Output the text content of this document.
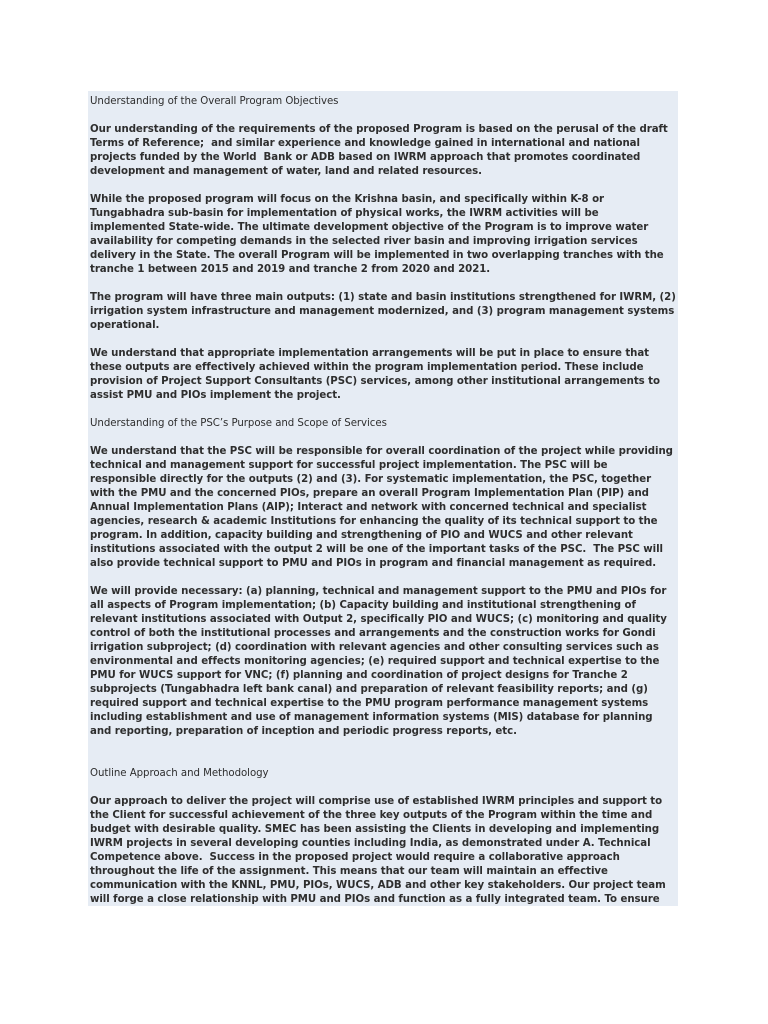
Understanding of the Overall Program Objectives

Our understanding of the requirements of the proposed Program is based on the perusal of the draft Terms of Reference;  and similar experience and knowledge gained in international and national projects funded by the World  Bank or ADB based on IWRM approach that promotes coordinated development and management of water, land and related resources.

While the proposed program will focus on the Krishna basin, and specifically within K-8 or Tungabhadra sub-basin for implementation of physical works, the IWRM activities will be implemented State-wide. The ultimate development objective of the Program is to improve water availability for competing demands in the selected river basin and improving irrigation services delivery in the State. The overall Program will be implemented in two overlapping tranches with the tranche 1 between 2015 and 2019 and tranche 2 from 2020 and 2021.

The program will have three main outputs: (1) state and basin institutions strengthened for IWRM, (2) irrigation system infrastructure and management modernized, and (3) program management systems operational.

We understand that appropriate implementation arrangements will be put in place to ensure that these outputs are effectively achieved within the program implementation period. These include provision of Project Support Consultants (PSC) services, among other institutional arrangements to assist PMU and PIOs implement the project.

Understanding of the PSC’s Purpose and Scope of Services

We understand that the PSC will be responsible for overall coordination of the project while providing technical and management support for successful project implementation. The PSC will be responsible directly for the outputs (2) and (3). For systematic implementation, the PSC, together with the PMU and the concerned PIOs, prepare an overall Program Implementation Plan (PIP) and Annual Implementation Plans (AIP); Interact and network with concerned technical and specialist agencies, research & academic Institutions for enhancing the quality of its technical support to the program. In addition, capacity building and strengthening of PIO and WUCS and other relevant institutions associated with the output 2 will be one of the important tasks of the PSC.  The PSC will also provide technical support to PMU and PIOs in program and financial management as required.

We will provide necessary: (a) planning, technical and management support to the PMU and PIOs for all aspects of Program implementation; (b) Capacity building and institutional strengthening of relevant institutions associated with Output 2, specifically PIO and WUCS; (c) monitoring and quality control of both the institutional processes and arrangements and the construction works for Gondi irrigation subproject; (d) coordination with relevant agencies and other consulting services such as environmental and effects monitoring agencies; (e) required support and technical expertise to the PMU for WUCS support for VNC; (f) planning and coordination of project designs for Tranche 2 subprojects (Tungabhadra left bank canal) and preparation of relevant feasibility reports; and (g) required support and technical expertise to the PMU program performance management systems including establishment and use of management information systems (MIS) database for planning and reporting, preparation of inception and periodic progress reports, etc.

Outline Approach and Methodology

Our approach to deliver the project will comprise use of established IWRM principles and support to the Client for successful achievement of the three key outputs of the Program within the time and budget with desirable quality. SMEC has been assisting the Clients in developing and implementing IWRM projects in several developing counties including India, as demonstrated under A. Technical Competence above.  Success in the proposed project would require a collaborative approach throughout the life of the assignment. This means that our team will maintain an effective communication with the KNNL, PMU, PIOs, WUCS, ADB and other key stakeholders. Our project team will forge a close relationship with PMU and PIOs and function as a fully integrated team. To ensure
